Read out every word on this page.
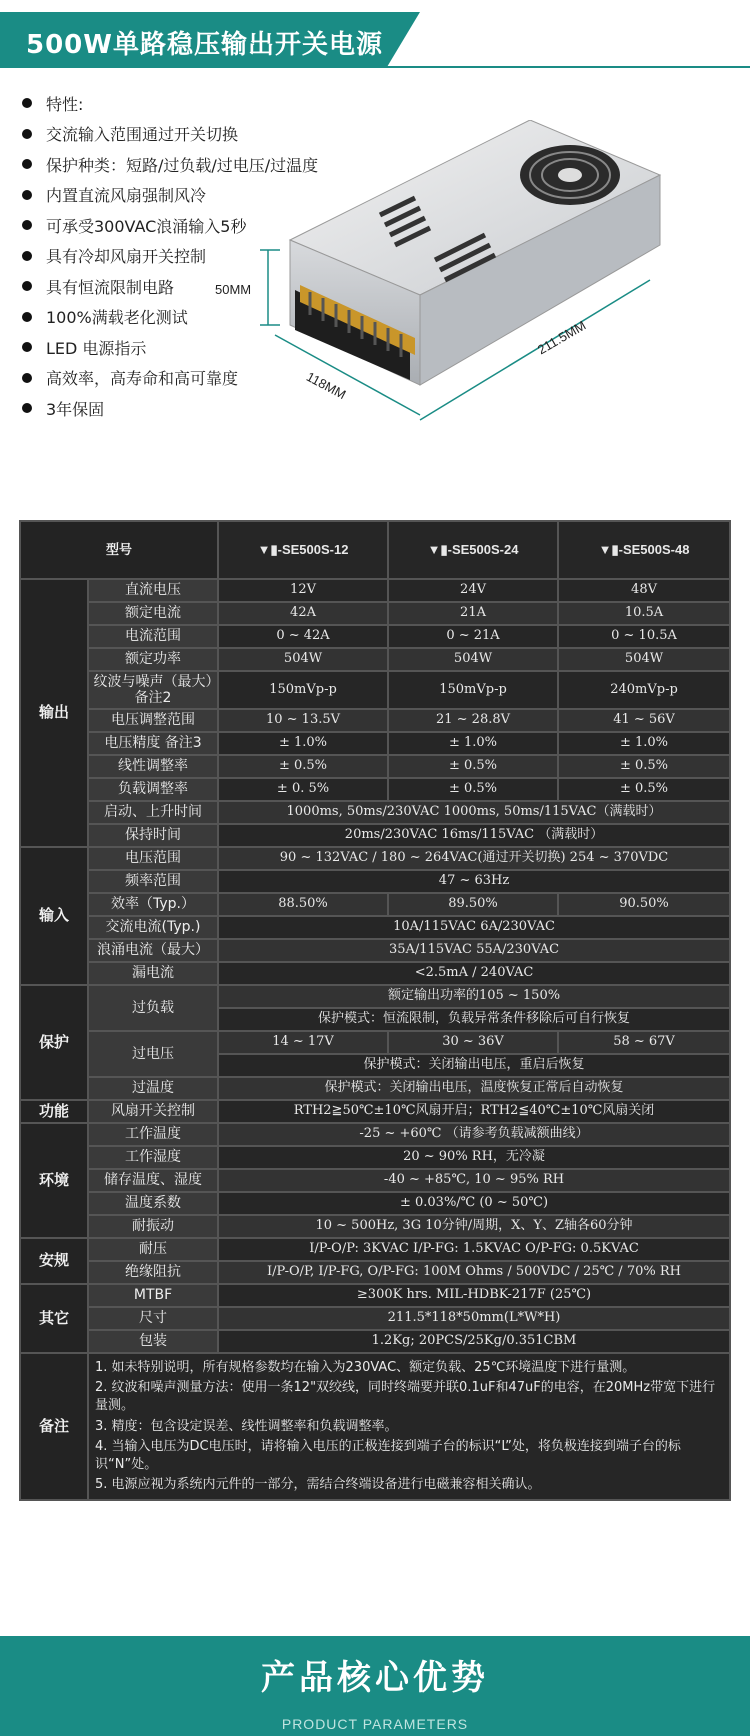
500W单路稳压输出开关电源
特性:
交流输入范围通过开关切换
保护种类：短路/过负载/过电压/过温度
内置直流风扇强制风冷
可承受300VAC浪涌输入5秒
具有冷却风扇开关控制
具有恒流限制电路
100%满载老化测试
LED 电源指示
高效率，高寿命和高可靠度
3年保固
50MM
118MM
211.5MM
型号		▼▮-SE500S-12	▼▮-SE500S-24	▼▮-SE500S-48
输出	直流电压	12V	24V	48V
	额定电流	42A	21A	10.5A
	电流范围	0 ~ 42A	0 ~ 21A	0 ~ 10.5A
	额定功率	504W	504W	504W
	纹波与噪声（最大）备注2	150mVp-p	150mVp-p	240mVp-p
	电压调整范围	10 ~ 13.5V	21 ~ 28.8V	41 ~ 56V
	电压精度 备注3	± 1.0%	± 1.0%	± 1.0%
	线性调整率	± 0.5%	± 0.5%	± 0.5%
	负载调整率	± 0. 5%	± 0.5%	± 0.5%
	启动、上升时间	1000ms, 50ms/230VAC 1000ms, 50ms/115VAC（满载时）		
	保持时间	20ms/230VAC 16ms/115VAC （满载时）		
输入	电压范围	90 ~ 132VAC / 180 ~ 264VAC(通过开关切换) 254 ~ 370VDC		
	频率范围	47 ~ 63Hz		
	效率（Typ.）	88.50%	89.50%	90.50%
	交流电流(Typ.)	10A/115VAC 6A/230VAC		
	浪涌电流（最大）	35A/115VAC 55A/230VAC		
	漏电流	<2.5mA / 240VAC		
保护	过负载	额定输出功率的105 ~ 150%		
		保护模式：恒流限制，负载异常条件移除后可自行恢复		
	过电压	14 ~ 17V	30 ~ 36V	58 ~ 67V
		保护模式：关闭输出电压，重启后恢复		
	过温度	保护模式：关闭输出电压，温度恢复正常后自动恢复		
功能	风扇开关控制	RTH2≧50℃±10℃风扇开启；RTH2≦40℃±10℃风扇关闭		
环境	工作温度	-25 ~ +60℃ （请参考负载减额曲线）		
	工作湿度	20 ~ 90% RH，无冷凝		
	储存温度、湿度	-40 ~ +85℃, 10 ~ 95% RH		
	温度系数	± 0.03%/℃ (0 ~ 50℃)		
	耐振动	10 ~ 500Hz, 3G 10分钟/周期，X、Y、Z轴各60分钟		
安规	耐压	I/P-O/P: 3KVAC I/P-FG: 1.5KVAC O/P-FG: 0.5KVAC		
	绝缘阻抗	I/P-O/P, I/P-FG, O/P-FG: 100M Ohms / 500VDC / 25℃ / 70% RH		
其它	MTBF	≥300K hrs. MIL-HDBK-217F (25℃)		
	尺寸	211.5*118*50mm(L*W*H)		
	包装	1.2Kg; 20PCS/25Kg/0.351CBM		
备注	1. 如未特别说明，所有规格参数均在输入为230VAC、额定负载、25℃环境温度下进行量测。
2. 纹波和噪声测量方法：使用一条12"双绞线，同时终端要并联0.1uF和47uF的电容，在20MHz带宽下进行量测。
3. 精度：包含设定误差、线性调整率和负载调整率。
4. 当输入电压为DC电压时，请将输入电压的正极连接到端子台的标识“L”处，将负极连接到端子台的标识“N”处。
5. 电源应视为系统内元件的一部分，需结合终端设备进行电磁兼容相关确认。			
产品核心优势
PRODUCT PARAMETERS
